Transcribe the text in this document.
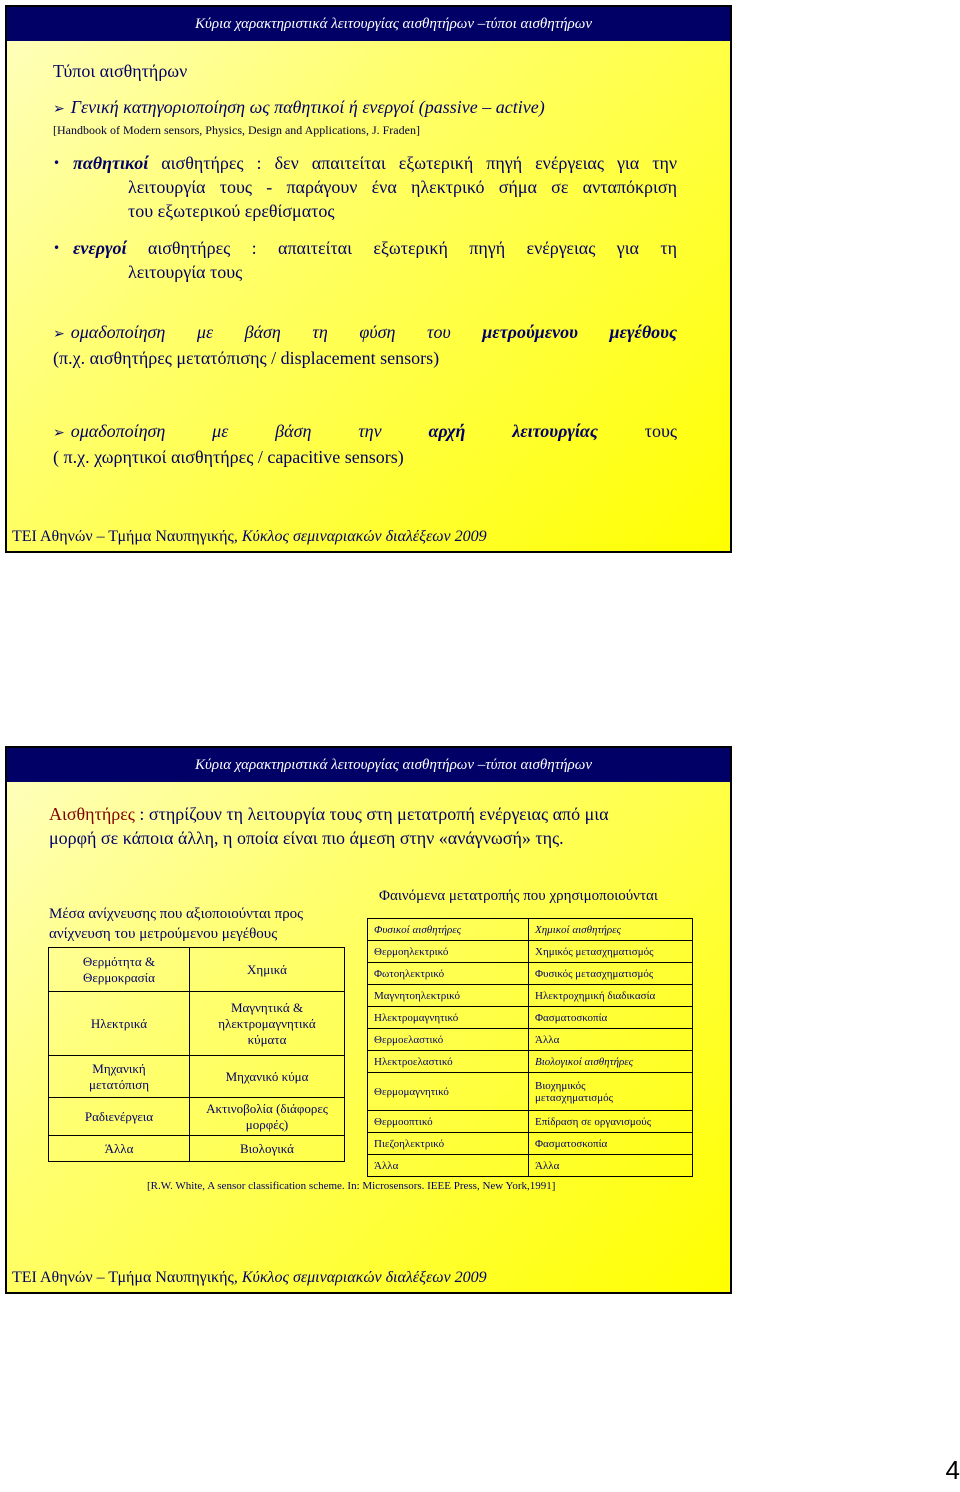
Κύρια χαρακτηριστικά λειτουργίας αισθητήρων –τύποι αισθητήρων
Τύποι αισθητήρων
➢ Γενική κατηγοριοποίηση ως παθητικοί ή ενεργοί (passive – active)
[Handbook of Modern sensors, Physics, Design and Applications, J. Fraden]
• παθητικοί αισθητήρες : δεν απαιτείται εξωτερική πηγή ενέργειας για την
λειτουργία τους - παράγουν ένα ηλεκτρικό σήμα σε ανταπόκριση
του εξωτερικού ερεθίσματος
• ενεργοί αισθητήρες : απαιτείται εξωτερική πηγή ενέργειας για τη
λειτουργία τους
➢ ομαδοποίηση με βάση τη φύση του μετρούμενου μεγέθους
(π.χ. αισθητήρες μετατόπισης / displacement sensors)
➢ ομαδοποίηση με βάση την	αρχή λειτουργίας	τους
( π.χ. χωρητικοί αισθητήρες / capacitive sensors)
ΤΕΙ Αθηνών – Τμήμα Ναυπηγικής, Κύκλος σεμιναριακών διαλέξεων 2009
Κύρια χαρακτηριστικά λειτουργίας αισθητήρων –τύποι αισθητήρων
Αισθητήρες : στηρίζουν τη λειτουργία τους στη μετατροπή ενέργειας από μια
μορφή σε κάποια άλλη, η οποία είναι πιο άμεση στην «ανάγνωσή» της.
Μέσα ανίχνευσης που αξιοποιούνται προς
ανίχνευση του μετρούμενου μεγέθους
Θερμότητα &
Θερμοκρασία	Χημικά

Ηλεκτρικά	Μαγνητικά &
ηλεκτρομαγνητικά
κύματα

Μηχανική
μετατόπιση	Μηχανικό κύμα

Ραδιενέργεια	Ακτινοβολία (διάφορες
μορφές)

Άλλα	Βιολογικά
Φαινόμενα μετατροπής που χρησιμοποιούνται
Φυσικοί αισθητήρες	Χημικοί αισθητήρες
Θερμοηλεκτρικό	Χημικός μετασχηματισμός
Φωτοηλεκτρικό	Φυσικός μετασχηματισμός
Μαγνητοηλεκτρικό	Ηλεκτροχημική διαδικασία
Ηλεκτρομαγνητικό	Φασματοσκοπία
Θερμοελαστικό	Άλλα
Ηλεκτροελαστικό	Βιολογικοί αισθητήρες
Θερμομαγνητικό	Βιοχημικός
μετασχηματισμός

Θερμοοπτικό	Επίδραση σε οργανισμούς
Πιεζοηλεκτρικό	Φασματοσκοπία
Άλλα	Άλλα
[R.W. White, A sensor classification scheme. In: Microsensors. IEEE Press, New York,1991]
ΤΕΙ Αθηνών – Τμήμα Ναυπηγικής, Κύκλος σεμιναριακών διαλέξεων 2009
4
